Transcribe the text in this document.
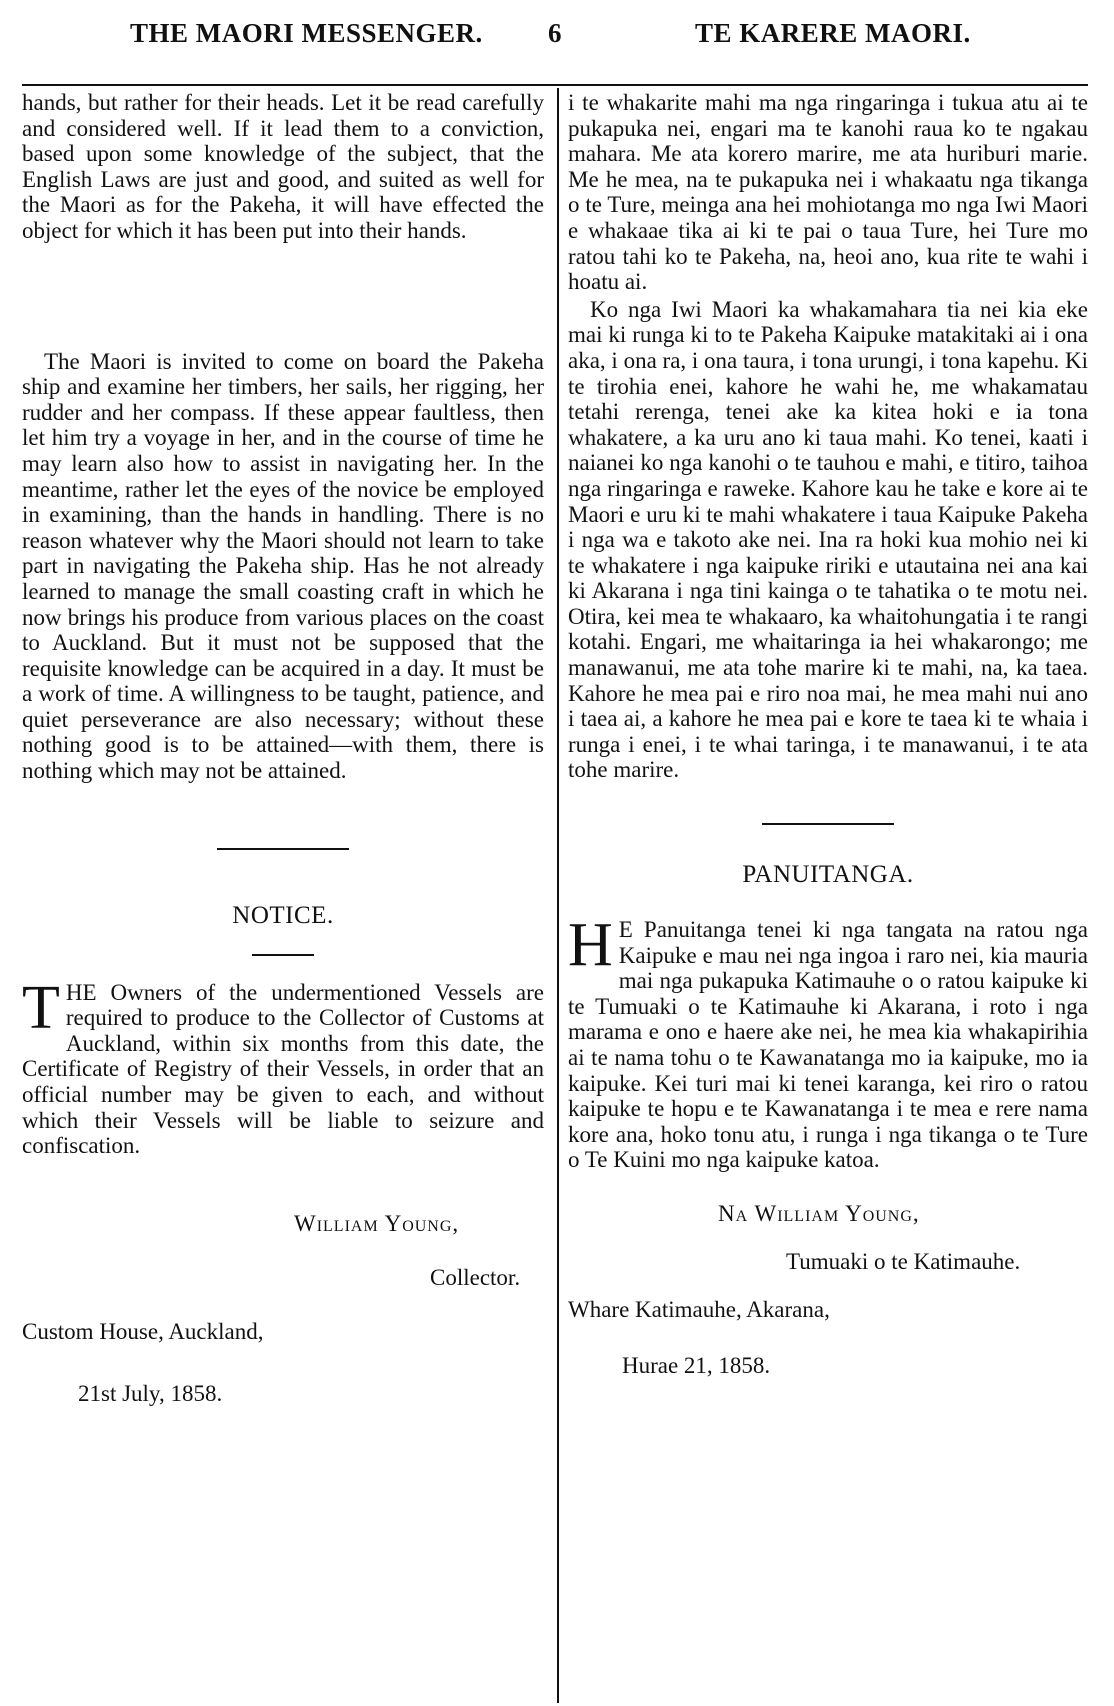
THE MAORI MESSENGER. 6	TE KARERE MAORI.

hands, but rather for their heads. Let it be read carefully and considered well. If it lead them to a conviction, based upon some knowledge of the subject, that the English Laws are just and good, and suited as well for the Maori as for the Pakeha, it will have effected the object for which it has been put into their hands.

The Maori is invited to come on board the Pakeha ship and examine her timbers, her sails, her rigging, her rudder and her compass. If these appear faultless, then let him try a voyage in her, and in the course of time he may learn also how to assist in navigating her. In the meantime, rather let the eyes of the novice be employed in examining, than the hands in handling. There is no reason whatever why the Maori should not learn to take part in navigating the Pakeha ship. Has he not already learned to manage the small coasting craft in which he now brings his produce from various places on the coast to Auckland. But it must not be supposed that the requisite knowledge can be acquired in a day. It must be a work of time. A willingness to be taught, patience, and quiet perseverance are also necessary; without these nothing good is to be attained—with them, there is nothing which may not be attained.

NOTICE.

T HE Owners of the undermentioned Vessels are required to produce to the Collector of Customs at Auckland, within six months from this date, the Certificate of Registry of their Vessels, in order that an official number may be given to each, and without which their Vessels will be liable to seizure and confiscation.

William Young,

Collector.

Custom House, Auckland,

21st July, 1858.

i te whakarite mahi ma nga ringaringa i tukua atu ai te pukapuka nei, engari ma te kanohi raua ko te ngakau mahara. Me ata korero marire, me ata huriburi marie. Me he mea, na te pukapuka nei i whakaatu nga tikanga o te Ture, meinga ana hei mohiotanga mo nga Iwi Maori e whakaae tika ai ki te pai o taua Ture, hei Ture mo ratou tahi ko te Pakeha, na, heoi ano, kua rite te wahi i hoatu ai.

Ko nga Iwi Maori ka whakamahara tia nei kia eke mai ki runga ki to te Pakeha Kaipuke matakitaki ai i ona aka, i ona ra, i ona taura, i tona urungi, i tona kapehu. Ki te tirohia enei, kahore he wahi he, me whakamatau tetahi rerenga, tenei ake ka kitea hoki e ia tona whakatere, a ka uru ano ki taua mahi. Ko tenei, kaati i naianei ko nga kanohi o te tauhou e mahi, e titiro, taihoa nga ringaringa e raweke. Kahore kau he take e kore ai te Maori e uru ki te mahi whakatere i taua Kaipuke Pakeha i nga wa e takoto ake nei. Ina ra hoki kua mohio nei ki te whakatere i nga kaipuke ririki e utautaina nei ana kai ki Akarana i nga tini kainga o te tahatika o te motu nei. Otira, kei mea te whakaaro, ka whaitohungatia i te rangi kotahi. Engari, me whaitaringa ia hei whakarongo; me manawanui, me ata tohe marire ki te mahi, na, ka taea. Kahore he mea pai e riro noa mai, he mea mahi nui ano i taea ai, a kahore he mea pai e kore te taea ki te whaia i runga i enei, i te whai taringa, i te manawanui, i te ata tohe marire.

PANUITANGA.

H E Panuitanga tenei ki nga tangata na ratou nga Kaipuke e mau nei nga ingoa i raro nei, kia mauria mai nga pukapuka Katimauhe o o ratou kaipuke ki te Tumuaki o te Katimauhe ki Akarana, i roto i nga marama e ono e haere ake nei, he mea kia whakapirihia ai te nama tohu o te Kawanatanga mo ia kaipuke, mo ia kaipuke. Kei turi mai ki tenei karanga, kei riro o ratou kaipuke te hopu e te Kawanatanga i te mea e rere nama kore ana, hoko tonu atu, i runga i nga tikanga o te Ture o Te Kuini mo nga kaipuke katoa.

Na William Young,

Tumuaki o te Katimauhe.

Whare Katimauhe, Akarana,

Hurae 21, 1858.
